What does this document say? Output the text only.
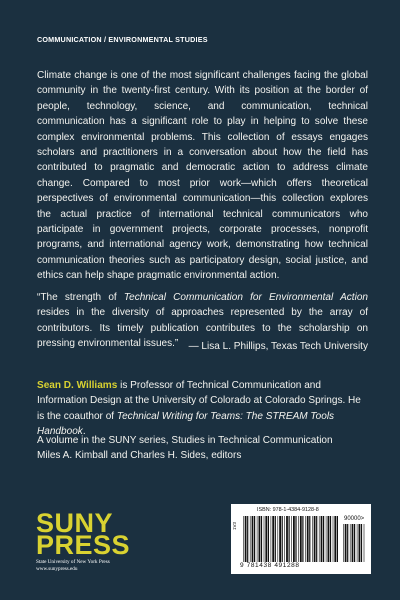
COMMUNICATION / ENVIRONMENTAL STUDIES

Climate change is one of the most significant challenges facing the global community in the twenty-first century. With its position at the border of people, technology, science, and communication, technical communication has a significant role to play in helping to solve these complex environmental problems. This collection of essays engages scholars and practitioners in a conversation about how the field has contributed to pragmatic and democratic action to address climate change. Compared to most prior work—which offers theoretical perspectives of environmental communication—this collection explores the actual practice of international technical communicators who participate in government projects, corporate processes, nonprofit programs, and international agency work, demonstrating how technical communication theories such as participatory design, social justice, and ethics can help shape pragmatic environmental action.

“The strength of Technical Communication for Environmental Action resides in the diversity of approaches represented by the array of contributors. Its timely publication contributes to the scholarship on pressing environmental issues.”	— Lisa L. Phillips, Texas Tech University

Sean D. Williams is Professor of Technical Communication and Information Design at the University of Colorado at Colorado Springs. He is the coauthor of Technical Writing for Teams: The STREAM Tools Handbook.

A volume in the SUNY series, Studies in Technical Communication
Miles A. Kimball and Charles H. Sides, editors

SUNY
PRESS
State University of New York Press
www.sunypress.edu
ISBN: 978-1-4384-9128-8
1V3
90000>
9 781438 491288
